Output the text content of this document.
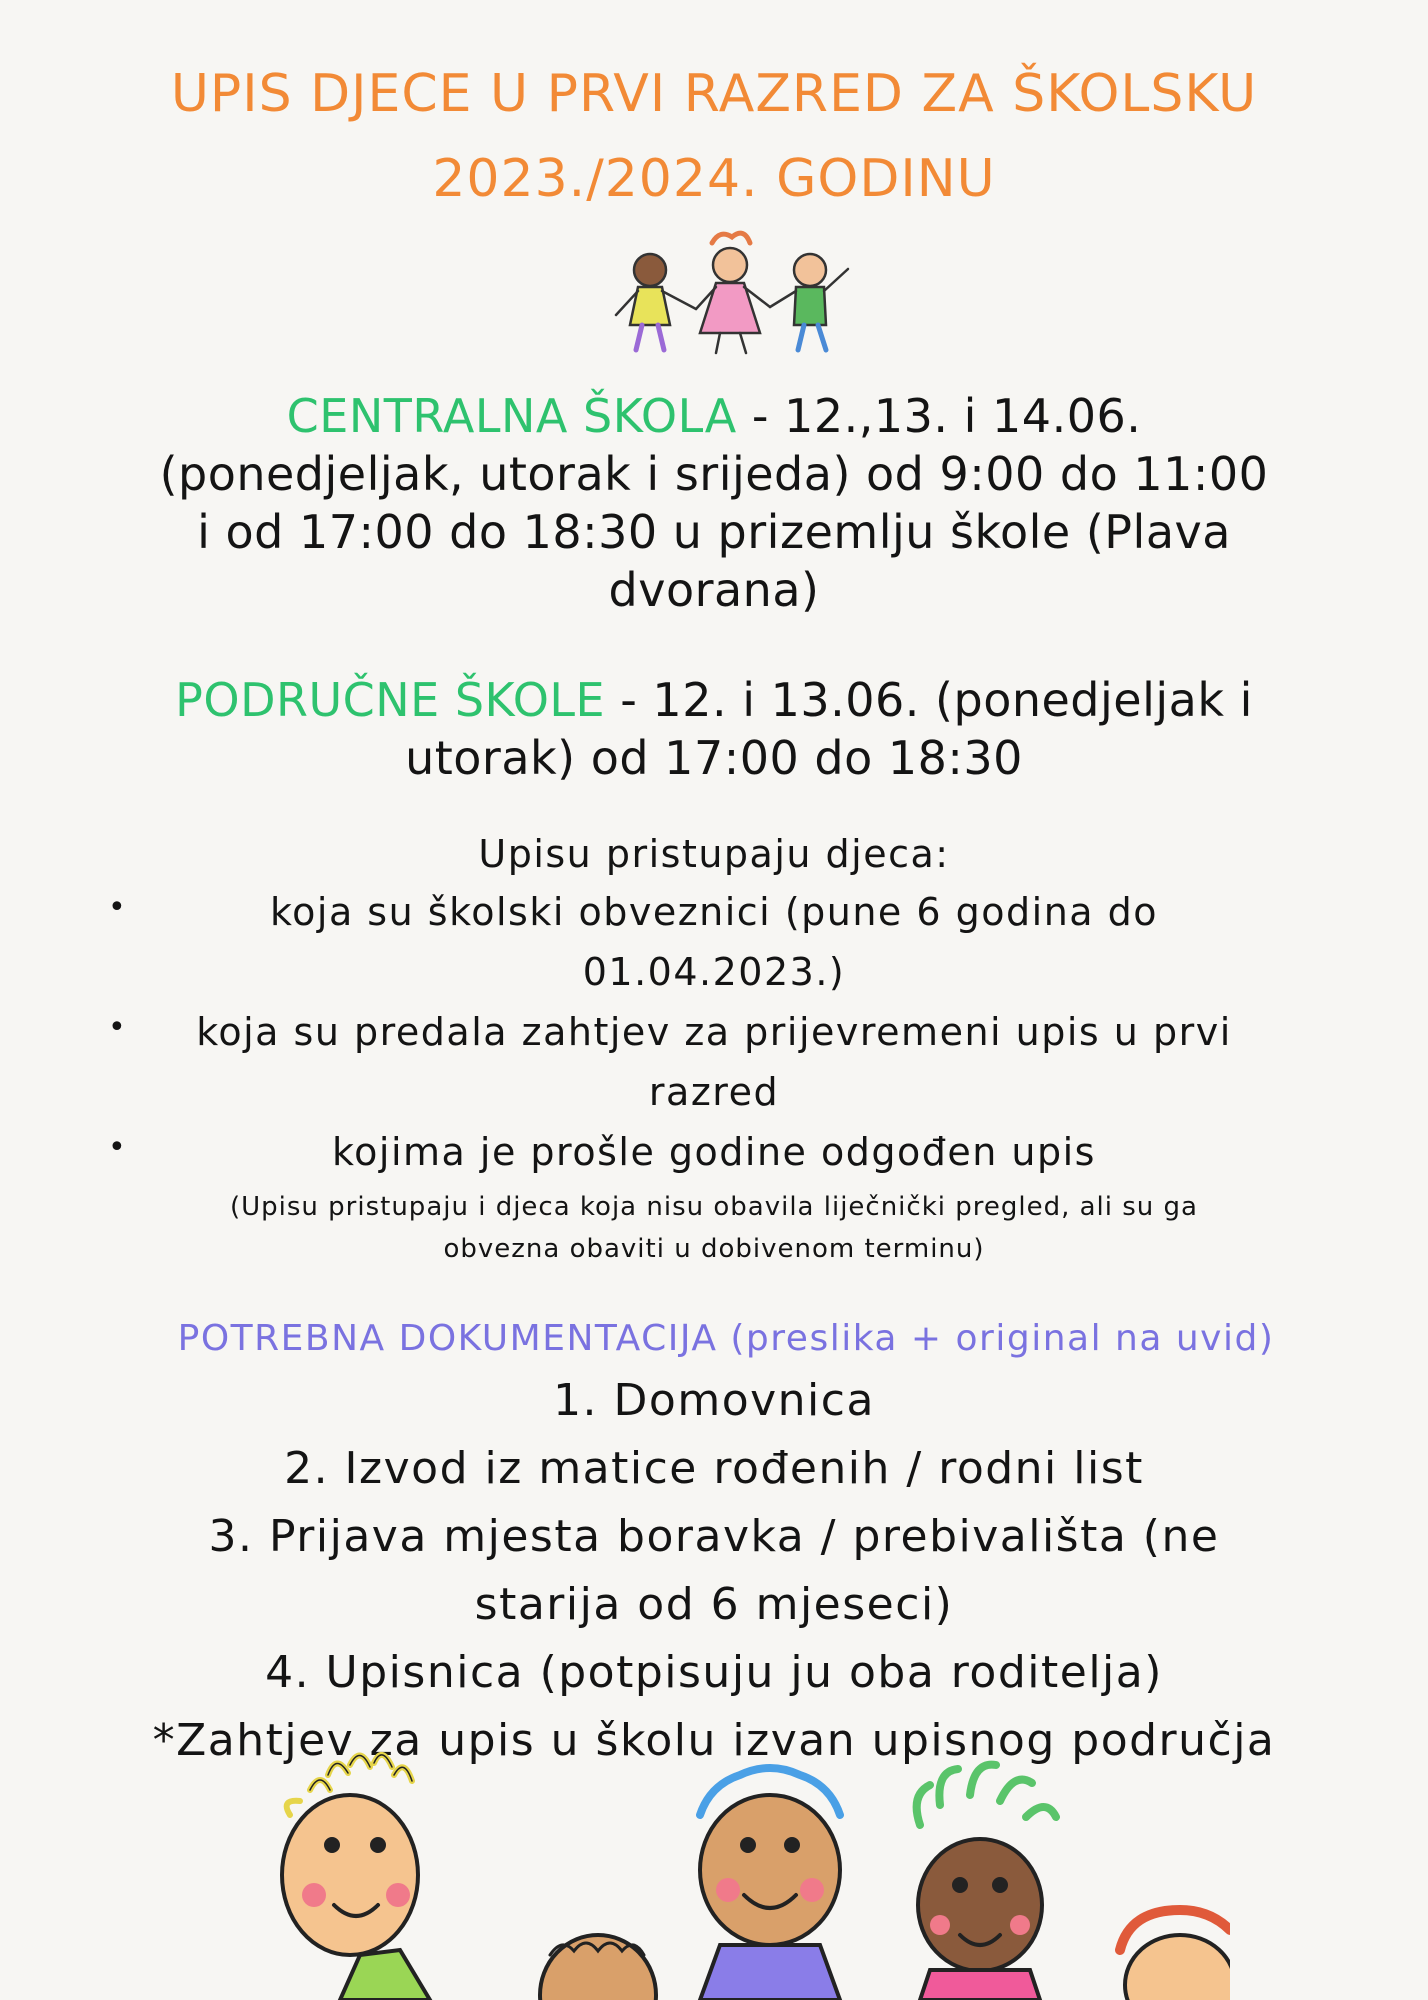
UPIS DJECE U PRVI RAZRED ZA ŠKOLSKU
2023./2024. GODINU
CENTRALNA ŠKOLA - 12.,13. i 14.06.
(ponedjeljak, utorak i srijeda) od 9:00 do 11:00
i od 17:00 do 18:30 u prizemlju škole (Plava
dvorana)
PODRUČNE ŠKOLE - 12. i 13.06. (ponedjeljak i
utorak) od 17:00 do 18:30
Upisu pristupaju djeca:
•	koja su školski obveznici (pune 6 godina do
01.04.2023.)
•	koja su predala zahtjev za prijevremeni upis u prvi
razred
•	kojima je prošle godine odgođen upis
(Upisu pristupaju i djeca koja nisu obavila liječnički pregled, ali su ga
obvezna obaviti u dobivenom terminu)
POTREBNA DOKUMENTACIJA (preslika + original na uvid)
1. Domovnica
2. Izvod iz matice rođenih / rodni list
3. Prijava mjesta boravka / prebivališta (ne
starija od 6 mjeseci)
4. Upisnica (potpisuju ju oba roditelja)
*Zahtjev za upis u školu izvan upisnog područja
